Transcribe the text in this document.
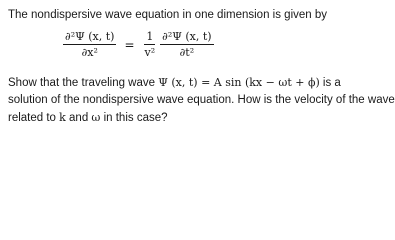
The nondispersive wave equation in one dimension is given by
$\frac{\text{∂²Ψ (x, t)}}{\text{∂x²}} = \frac{1}{\text{v²}} \frac{\text{∂²Ψ (x, t)}}{\text{∂t²}}$
Show that the traveling wave Ψ (x, t) = A sin (kx − ωt + ϕ) is a
solution of the nondispersive wave equation. How is the velocity of the wave
related to k and ω in this case?
